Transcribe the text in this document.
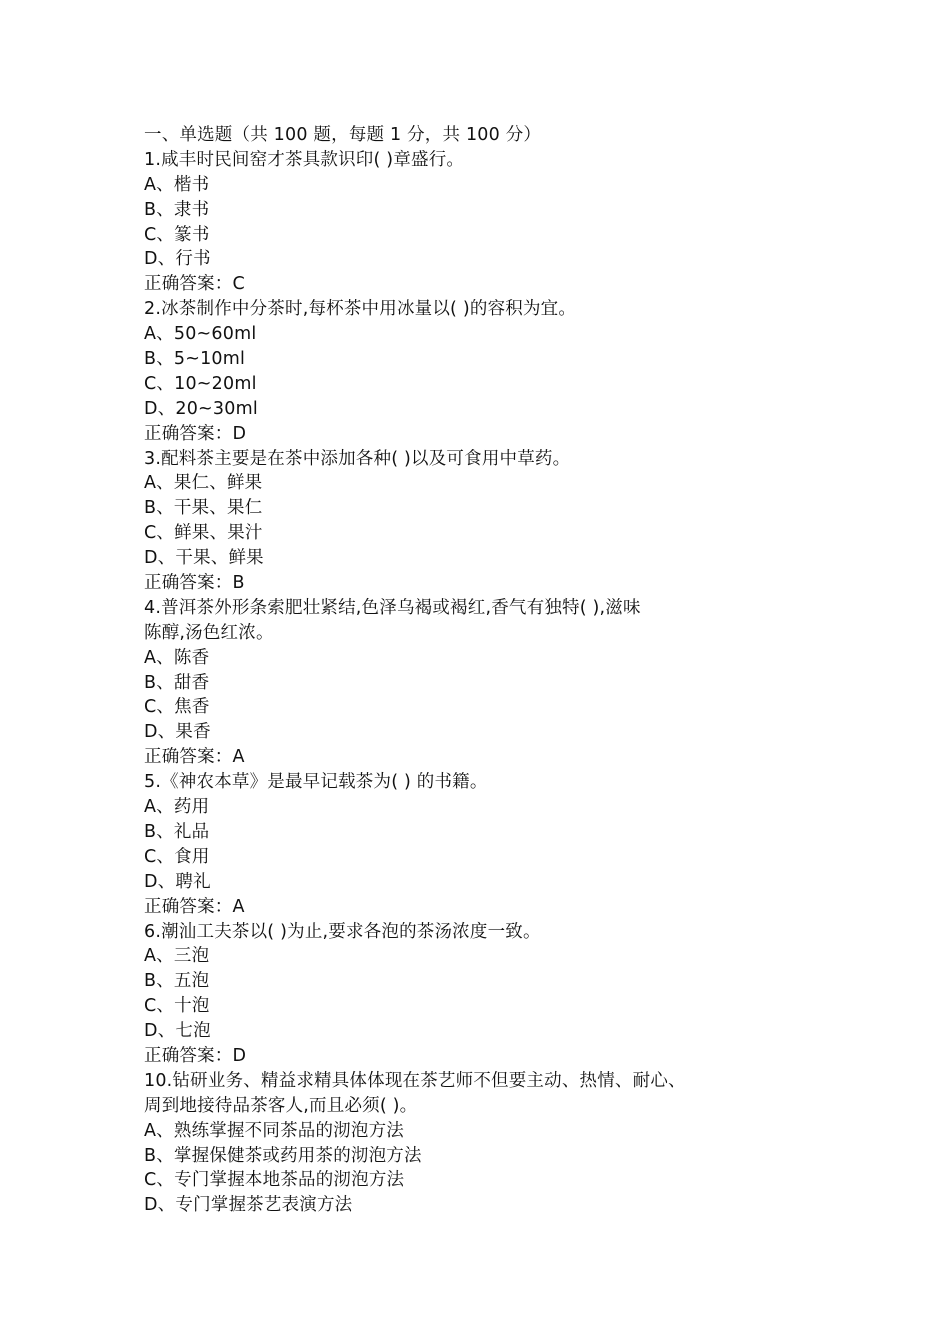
一、单选题（共 100 题，每题 1 分，共 100 分）
1.咸丰时民间窑才茶具款识印( )章盛行。
A、楷书
B、隶书
C、篆书
D、行书
正确答案：C
2.冰茶制作中分茶时,每杯茶中用冰量以( )的容积为宜。
A、50~60ml
B、5~10ml
C、10~20ml
D、20~30ml
正确答案：D
3.配料茶主要是在茶中添加各种( )以及可食用中草药。
A、果仁、鲜果
B、干果、果仁
C、鲜果、果汁
D、干果、鲜果
正确答案：B
4.普洱茶外形条索肥壮紧结,色泽乌褐或褐红,香气有独特( ),滋味
陈醇,汤色红浓。
A、陈香
B、甜香
C、焦香
D、果香
正确答案：A
5.《神农本草》是最早记载茶为( ) 的书籍。
A、药用
B、礼品
C、食用
D、聘礼
正确答案：A
6.潮汕工夫茶以( )为止,要求各泡的茶汤浓度一致。
A、三泡
B、五泡
C、十泡
D、七泡
正确答案：D
10.钻研业务、精益求精具体体现在茶艺师不但要主动、热情、耐心、
周到地接待品茶客人,而且必须( )。
A、熟练掌握不同茶品的沏泡方法
B、掌握保健茶或药用茶的沏泡方法
C、专门掌握本地茶品的沏泡方法
D、专门掌握茶艺表演方法
